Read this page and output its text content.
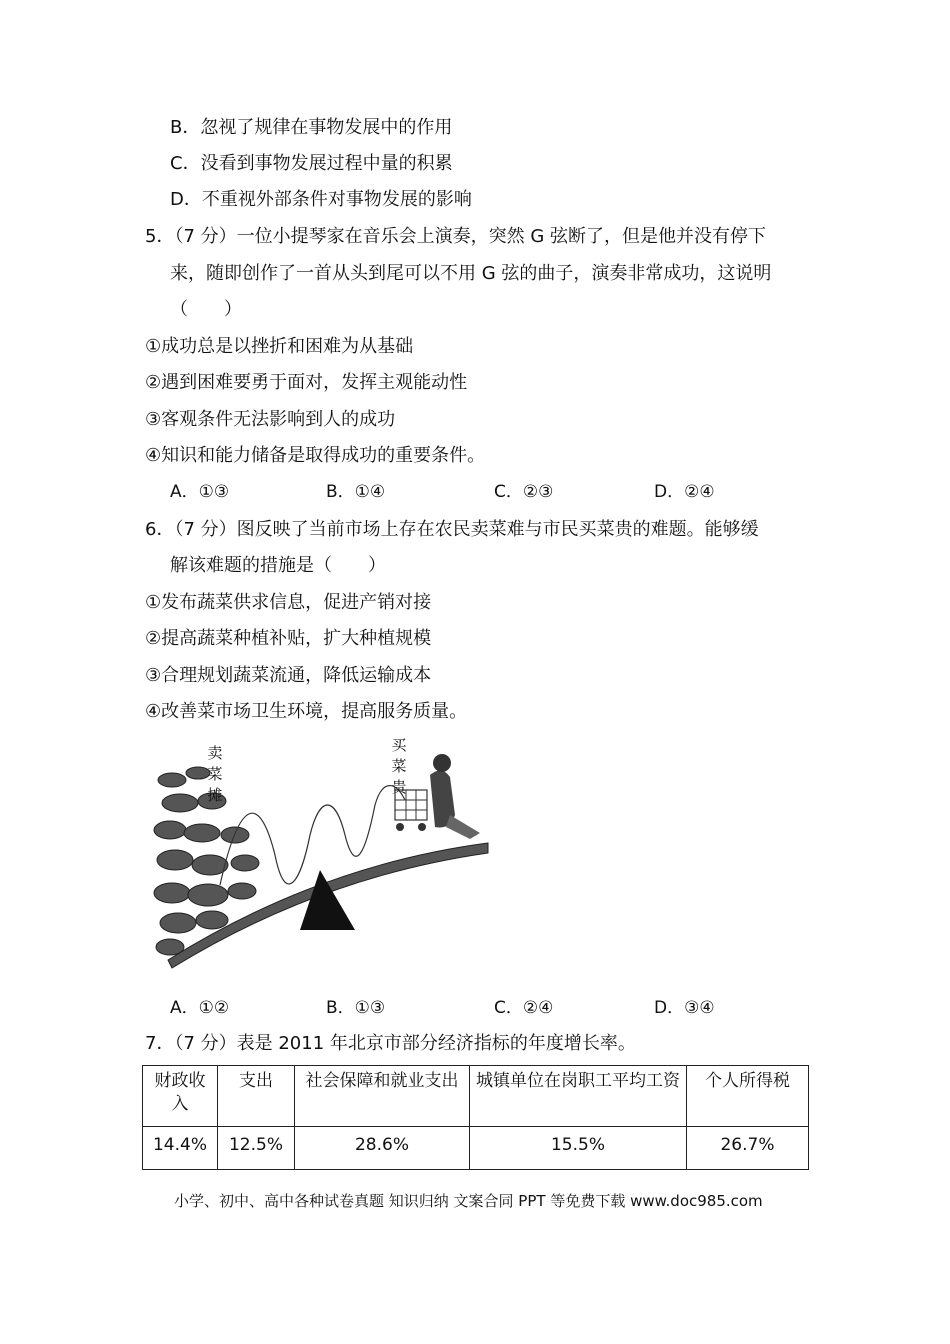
B．忽视了规律在事物发展中的作用
C．没看到事物发展过程中量的积累
D．不重视外部条件对事物发展的影响
5．（7 分）一位小提琴家在音乐会上演奏，突然 G 弦断了，但是他并没有停下
来，随即创作了一首从头到尾可以不用 G 弦的曲子，演奏非常成功，这说明
（　　）
①成功总是以挫折和困难为从基础
②遇到困难要勇于面对，发挥主观能动性
③客观条件无法影响到人的成功
④知识和能力储备是取得成功的重要条件。
A．①③	B．①④	C．②③	D．②④
6．（7 分）图反映了当前市场上存在农民卖菜难与市民买菜贵的难题。能够缓
解该难题的措施是（　　）
①发布蔬菜供求信息，促进产销对接
②提高蔬菜种植补贴，扩大种植规模
③合理规划蔬菜流通，降低运输成本
④改善菜市场卫生环境，提高服务质量。
卖菜摊
买菜贵
A．①②	B．①③	C．②④	D．③④
7．（7 分）表是 2011 年北京市部分经济指标的年度增长率。
财政收入	支出	社会保障和就业支出	城镇单位在岗职工平均工资	个人所得税
14.4%	12.5%	28.6%	15.5%	26.7%
小学、初中、高中各种试卷真题 知识归纳 文案合同 PPT 等免费下载 www.doc985.com
